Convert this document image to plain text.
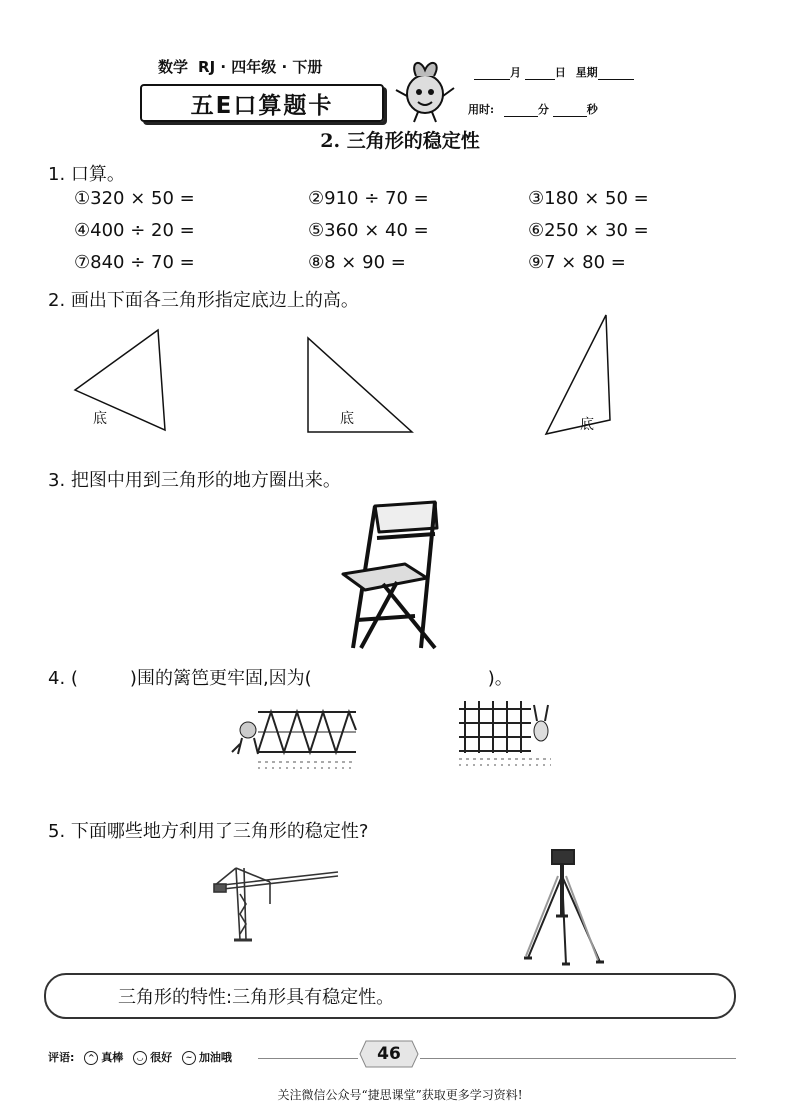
数学 RJ · 四年级 · 下册
五E口算题卡
月	日 星期
用时:	分	秒
2. 三角形的稳定性
1. 口算。
①320 × 50 =	②910 ÷ 70 =	③180 × 50 =
④400 ÷ 20 =	⑤360 × 40 =	⑥250 × 30 =
⑦840 ÷ 70 =	⑧8 × 90 =	⑨7 × 80 =
2. 画出下面各三角形指定底边上的高。
底	底	底
3. 把图中用到三角形的地方圈出来。
4. (	)围的篱笆更牢固,因为(	)。
5. 下面哪些地方利用了三角形的稳定性?
三角形的特性:三角形具有稳定性。
评语: ^ 真棒 ◡ 很好 ~ 加油哦	46
关注微信公众号“捷思课堂”获取更多学习资料!
